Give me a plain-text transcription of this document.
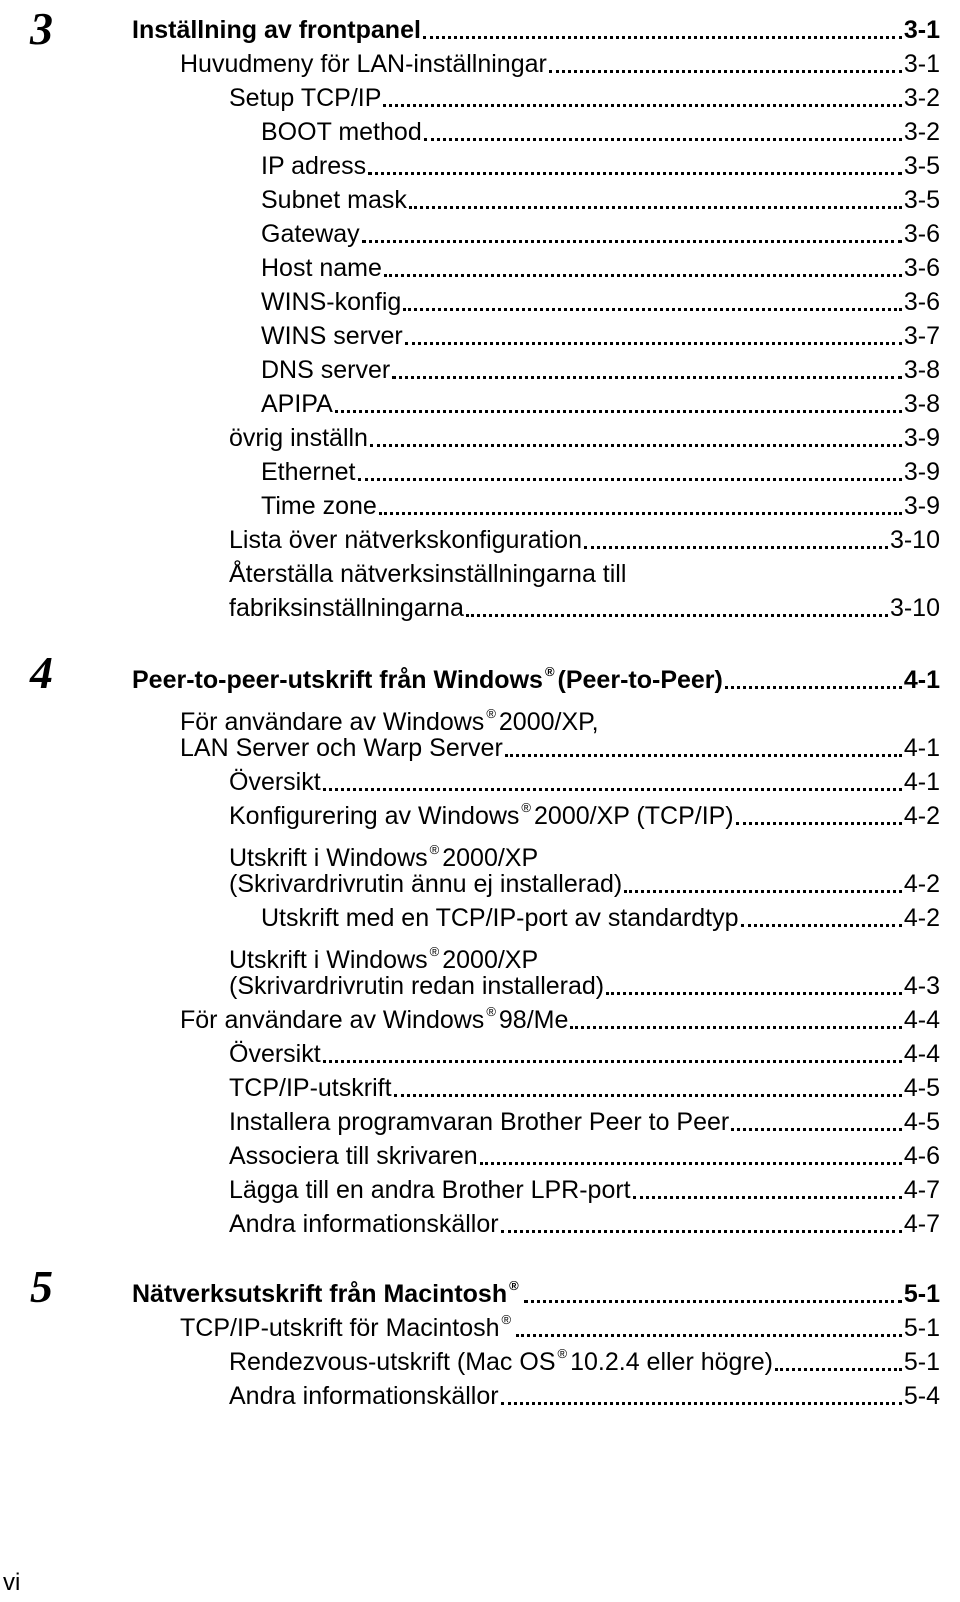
3	Inställning av frontpanel	3-1
Huvudmeny för LAN-inställningar	3-1
Setup TCP/IP	3-2
BOOT method	3-2
IP adress	3-5
Subnet mask	3-5
Gateway	3-6
Host name	3-6
WINS-konfig	3-6
WINS server	3-7
DNS server	3-8
APIPA	3-8
övrig inställn	3-9
Ethernet	3-9
Time zone	3-9
Lista över nätverkskonfiguration	3-10
Återställa nätverksinställningarna till
fabriksinställningarna	3-10
4	Peer-to-peer-utskrift från Windows ® (Peer-to-Peer)	4-1
För användare av Windows ® 2000/XP,
LAN Server och Warp Server	4-1
Översikt	4-1
Konfigurering av Windows ® 2000/XP (TCP/IP)	4-2
Utskrift i Windows ® 2000/XP
(Skrivardrivrutin ännu ej installerad)	4-2
Utskrift med en TCP/IP-port av standardtyp	4-2
Utskrift i Windows ® 2000/XP
(Skrivardrivrutin redan installerad)	4-3
För användare av Windows ® 98/Me	4-4
Översikt	4-4
TCP/IP-utskrift	4-5
Installera programvaran Brother Peer to Peer	4-5
Associera till skrivaren	4-6
Lägga till en andra Brother LPR-port	4-7
Andra informationskällor	4-7
5	Nätverksutskrift från Macintosh ®	5-1
TCP/IP-utskrift för Macintosh ®	5-1
Rendezvous-utskrift (Mac OS ® 10.2.4 eller högre)	5-1
Andra informationskällor	5-4
vi
